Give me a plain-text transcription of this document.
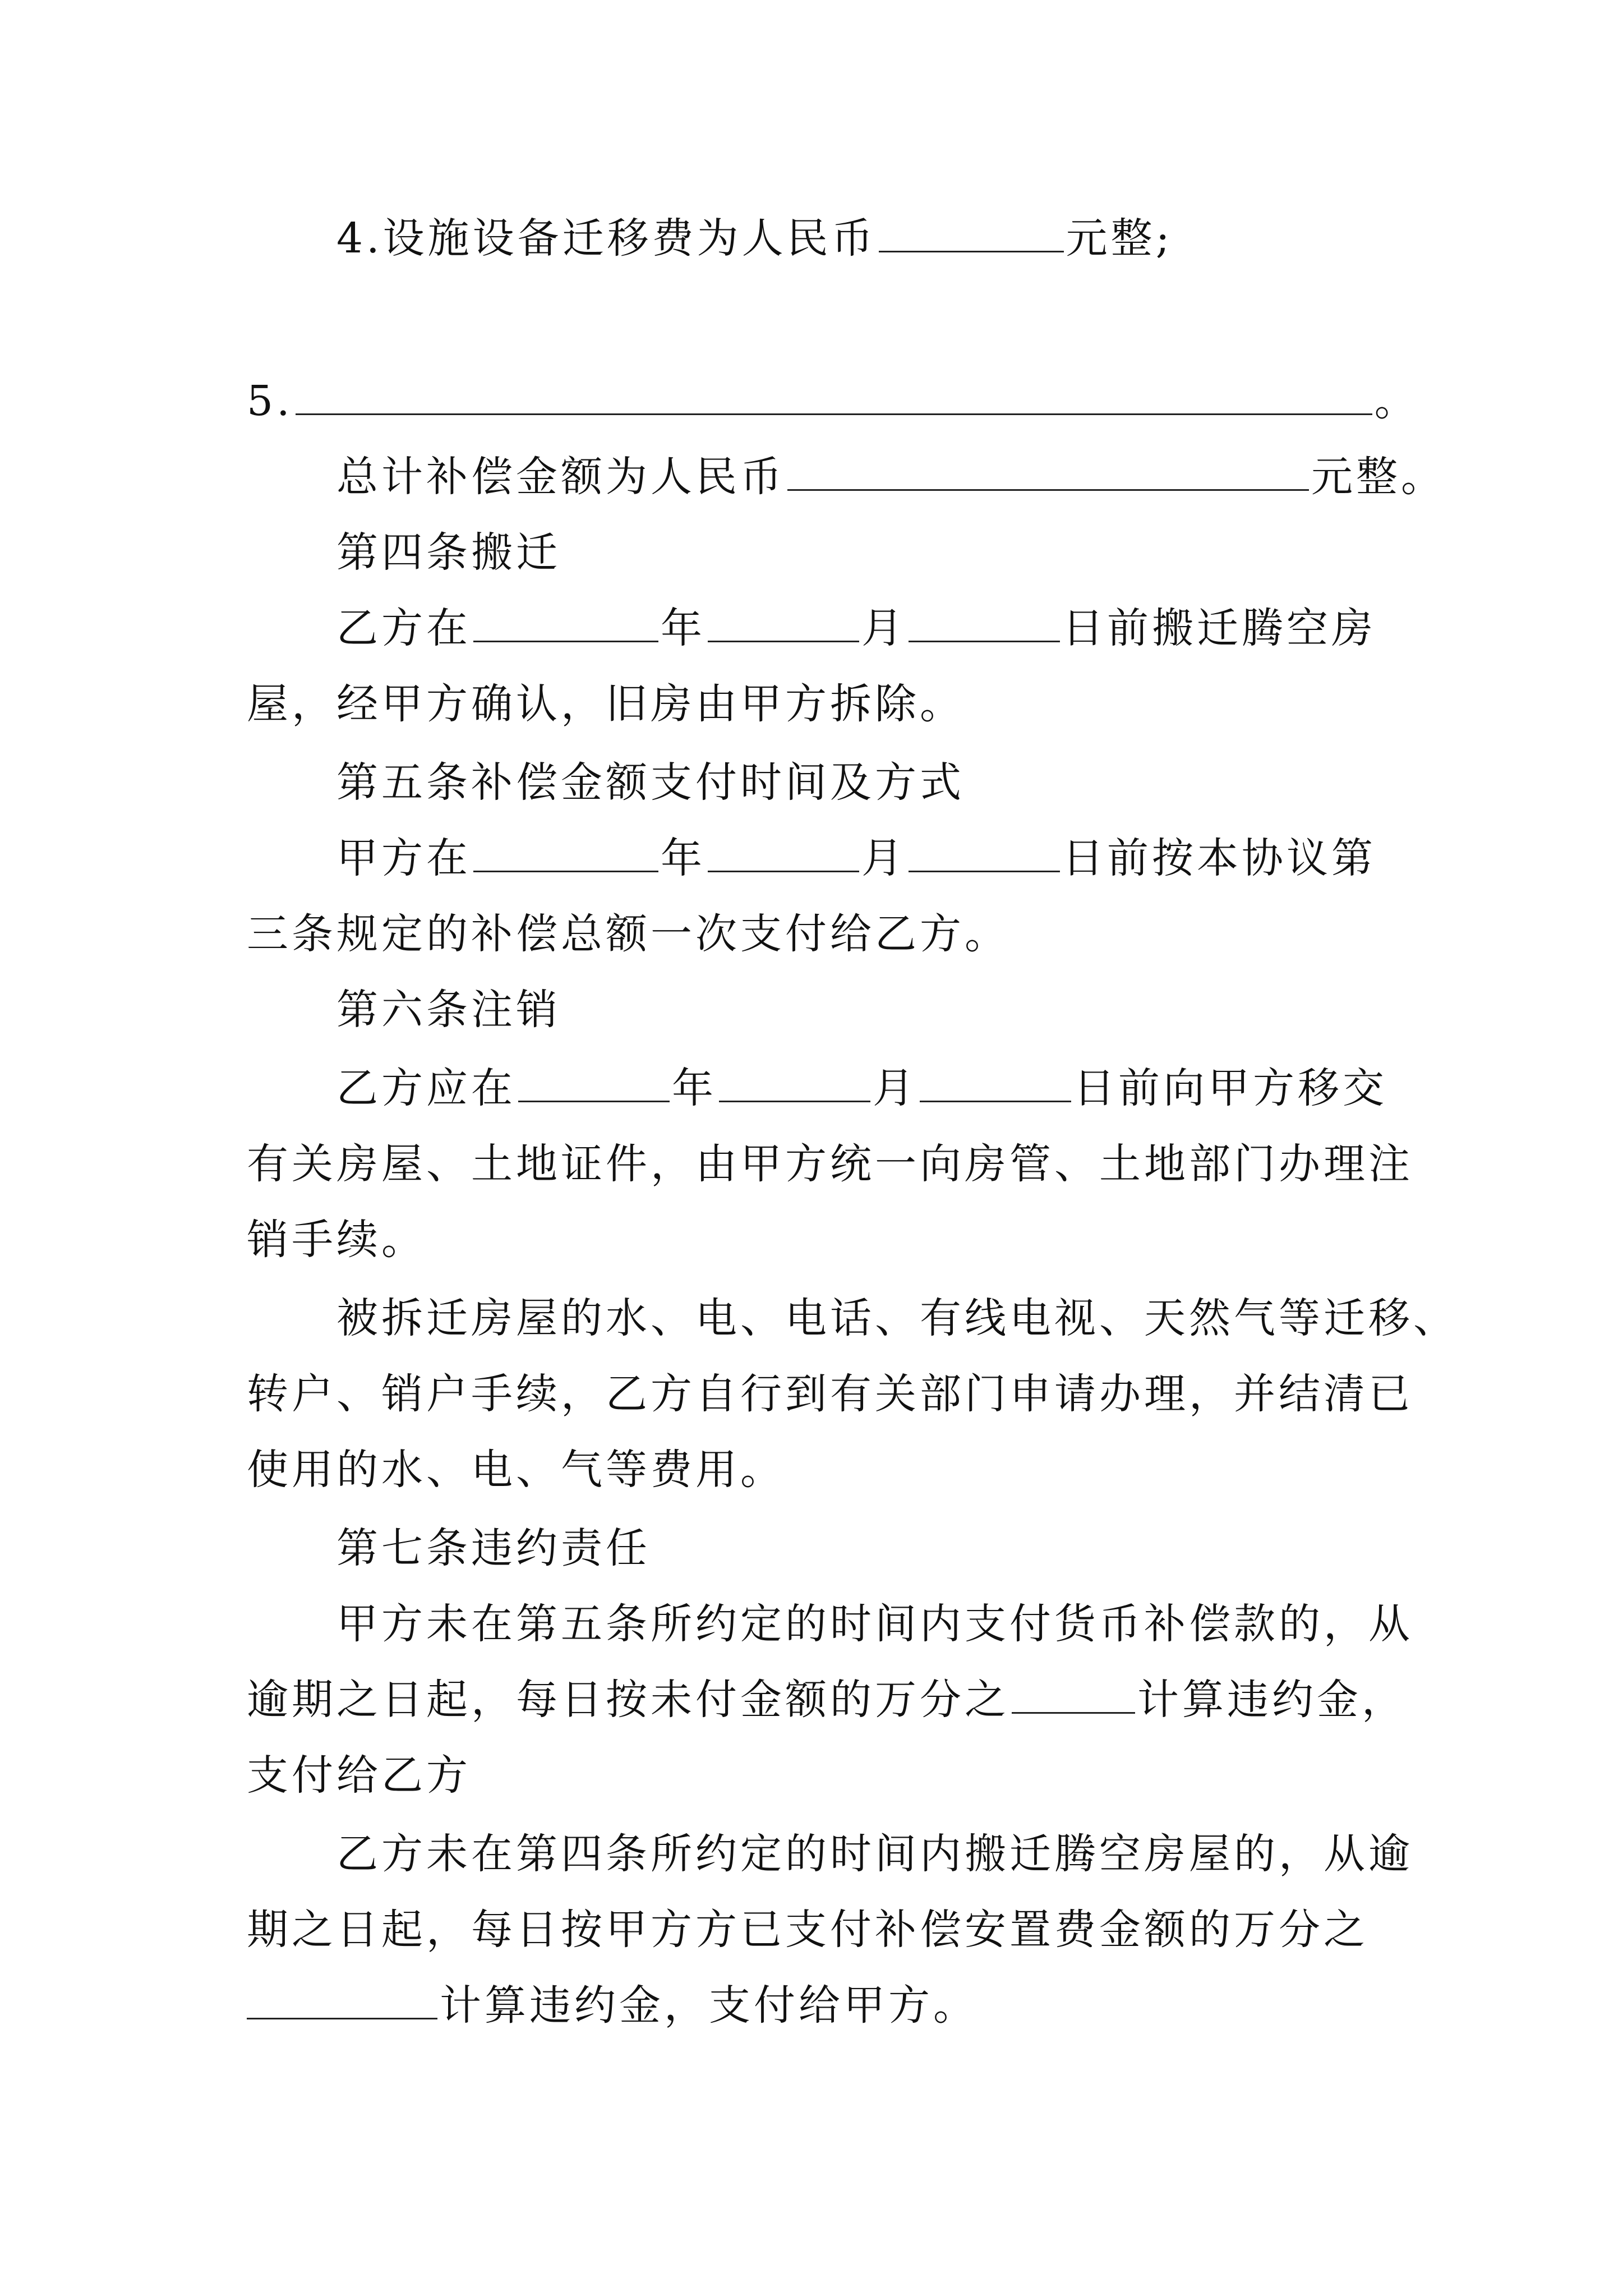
4.设施设备迁移费为人民币	元整;
5.	。
总计补偿金额为人民币	元整。
第四条搬迁
乙方在	年	月	日前搬迁腾空房
屋，经甲方确认，旧房由甲方拆除。
第五条补偿金额支付时间及方式
甲方在	年	月	日前按本协议第
三条规定的补偿总额一次支付给乙方。
第六条注销
乙方应在	年	月	日前向甲方移交
有关房屋、土地证件，由甲方统一向房管、土地部门办理注
销手续。
被拆迁房屋的水、电、电话、有线电视、天然气等迁移、
转户、销户手续，乙方自行到有关部门申请办理，并结清已
使用的水、电、气等费用。
第七条违约责任
甲方未在第五条所约定的时间内支付货币补偿款的，从
逾期之日起，每日按未付金额的万分之	计算违约金，
支付给乙方
乙方未在第四条所约定的时间内搬迁腾空房屋的，从逾
期之日起，每日按甲方方已支付补偿安置费金额的万分之
计算违约金，支付给甲方。
